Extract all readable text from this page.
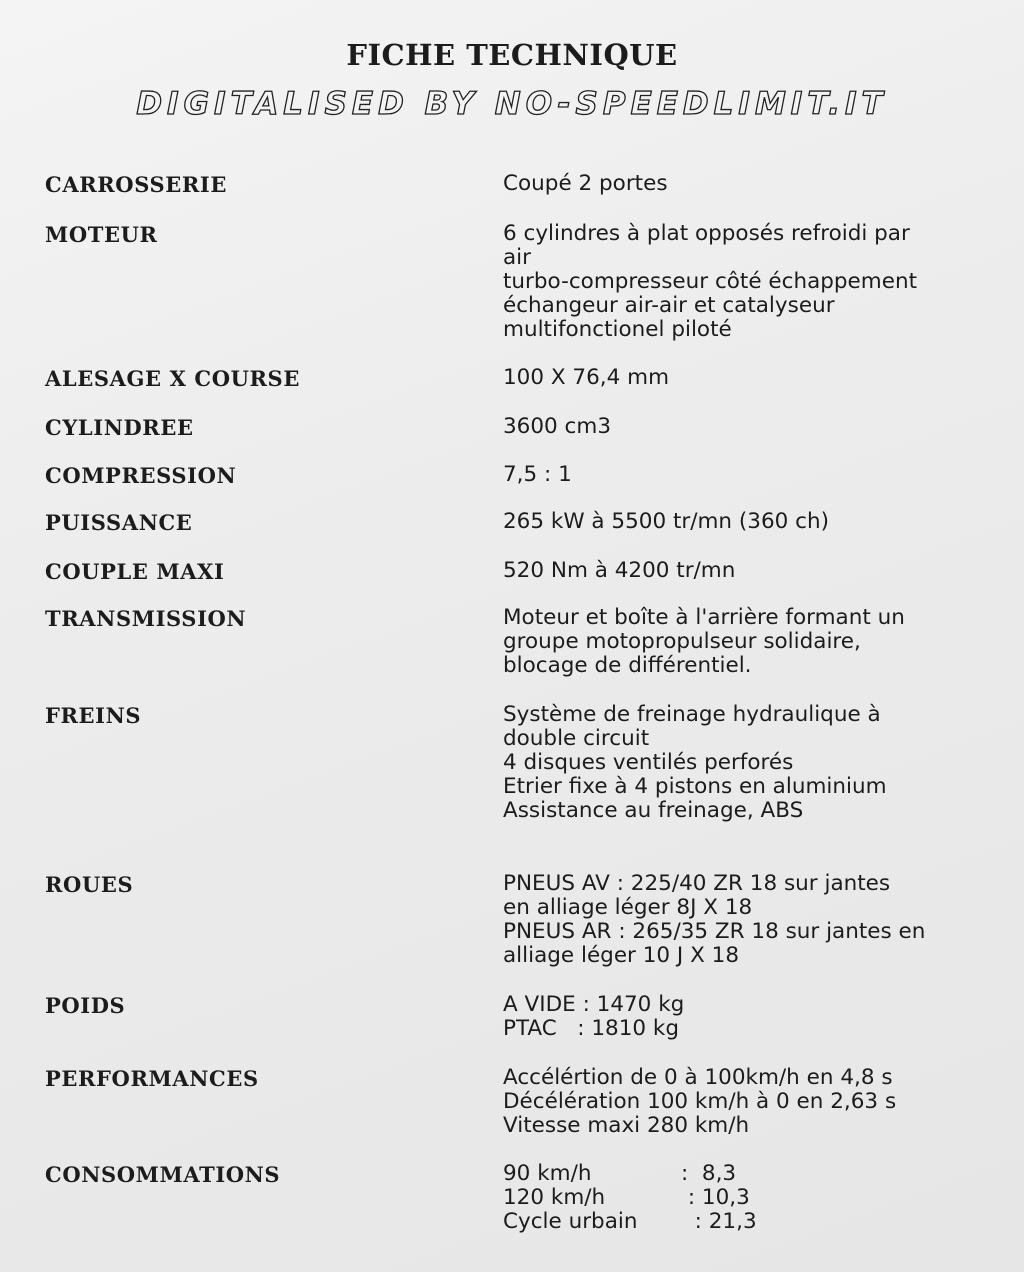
FICHE TECHNIQUE
DIGITALISED BY NO-SPEEDLIMIT.IT
CARROSSERIE	Coupé 2 portes
MOTEUR	6 cylindres à plat opposés refroidi par
air
turbo-compresseur côté échappement
échangeur air-air et catalyseur
multifonctionel piloté
ALESAGE X COURSE	100 X 76,4 mm
CYLINDREE	3600 cm3
COMPRESSION	7,5 : 1
PUISSANCE	265 kW à 5500 tr/mn (360 ch)
COUPLE MAXI	520 Nm à 4200 tr/mn
TRANSMISSION	Moteur et boîte à l'arrière formant un
groupe motopropulseur solidaire,
blocage de différentiel.
FREINS	Système de freinage hydraulique à
double circuit
4 disques ventilés perforés
Etrier fixe à 4 pistons en aluminium
Assistance au freinage, ABS
ROUES	PNEUS AV : 225/40 ZR 18 sur jantes
en alliage léger 8J X 18
PNEUS AR : 265/35 ZR 18 sur jantes en
alliage léger 10 J X 18
POIDS	A VIDE : 1470 kg
PTAC   : 1810 kg
PERFORMANCES	Accélértion de 0 à 100km/h en 4,8 s
Décélération 100 km/h à 0 en 2,63 s
Vitesse maxi 280 km/h
CONSOMMATIONS	90 km/h	:  8,3
120 km/h	: 10,3
Cycle urbain	: 21,3
